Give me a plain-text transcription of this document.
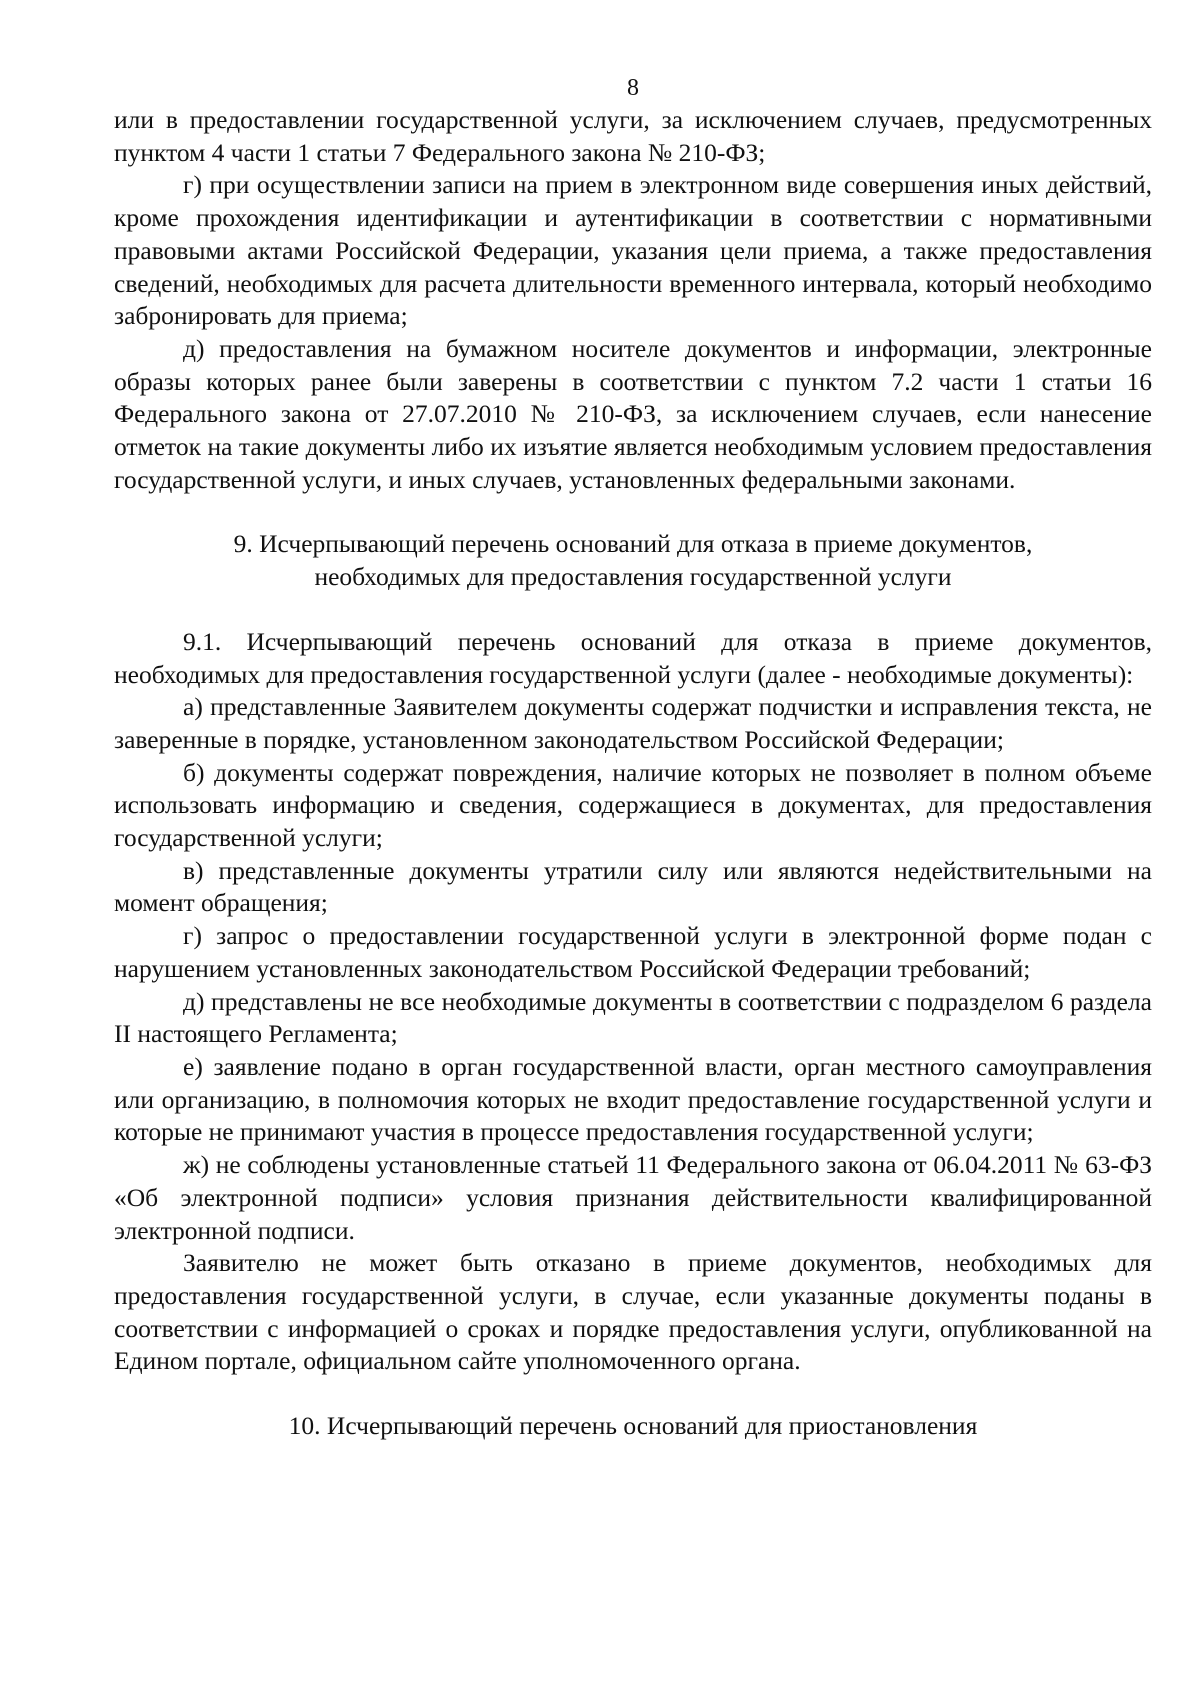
8

или в предоставлении государственной услуги, за исключением случаев, предусмотренных пунктом 4 части 1 статьи 7 Федерального закона № 210-ФЗ;

г) при осуществлении записи на прием в электронном виде совершения иных действий, кроме прохождения идентификации и аутентификации в соответствии с нормативными правовыми актами Российской Федерации, указания цели приема, а также предоставления сведений, необходимых для расчета длительности временного интервала, который необходимо забронировать для приема;

д) предоставления на бумажном носителе документов и информации, электронные образы которых ранее были заверены в соответствии с пунктом 7.2 части 1 статьи 16 Федерального закона от 27.07.2010 № 210-ФЗ, за исключением случаев, если нанесение отметок на такие документы либо их изъятие является необходимым условием предоставления государственной услуги, и иных случаев, установленных федеральными законами.

9. Исчерпывающий перечень оснований для отказа в приеме документов,

необходимых для предоставления государственной услуги

9.1. Исчерпывающий перечень оснований для отказа в приеме документов, необходимых для предоставления государственной услуги (далее - необходимые документы):

а) представленные Заявителем документы содержат подчистки и исправления текста, не заверенные в порядке, установленном законодательством Российской Федерации;

б) документы содержат повреждения, наличие которых не позволяет в полном объеме использовать информацию и сведения, содержащиеся в документах, для предоставления государственной услуги;

в) представленные документы утратили силу или являются недействительными на момент обращения;

г) запрос о предоставлении государственной услуги в электронной форме подан с нарушением установленных законодательством Российской Федерации требований;

д) представлены не все необходимые документы в соответствии с подразделом 6 раздела II настоящего Регламента;

е) заявление подано в орган государственной власти, орган местного самоуправления или организацию, в полномочия которых не входит предоставление государственной услуги и которые не принимают участия в процессе предоставления государственной услуги;

ж) не соблюдены установленные статьей 11 Федерального закона от 06.04.2011 № 63-ФЗ «Об электронной подписи» условия признания действительности квалифицированной электронной подписи.

Заявителю не может быть отказано в приеме документов, необходимых для предоставления государственной услуги, в случае, если указанные документы поданы в соответствии с информацией о сроках и порядке предоставления услуги, опубликованной на Едином портале, официальном сайте уполномоченного органа.

10. Исчерпывающий перечень оснований для приостановления
